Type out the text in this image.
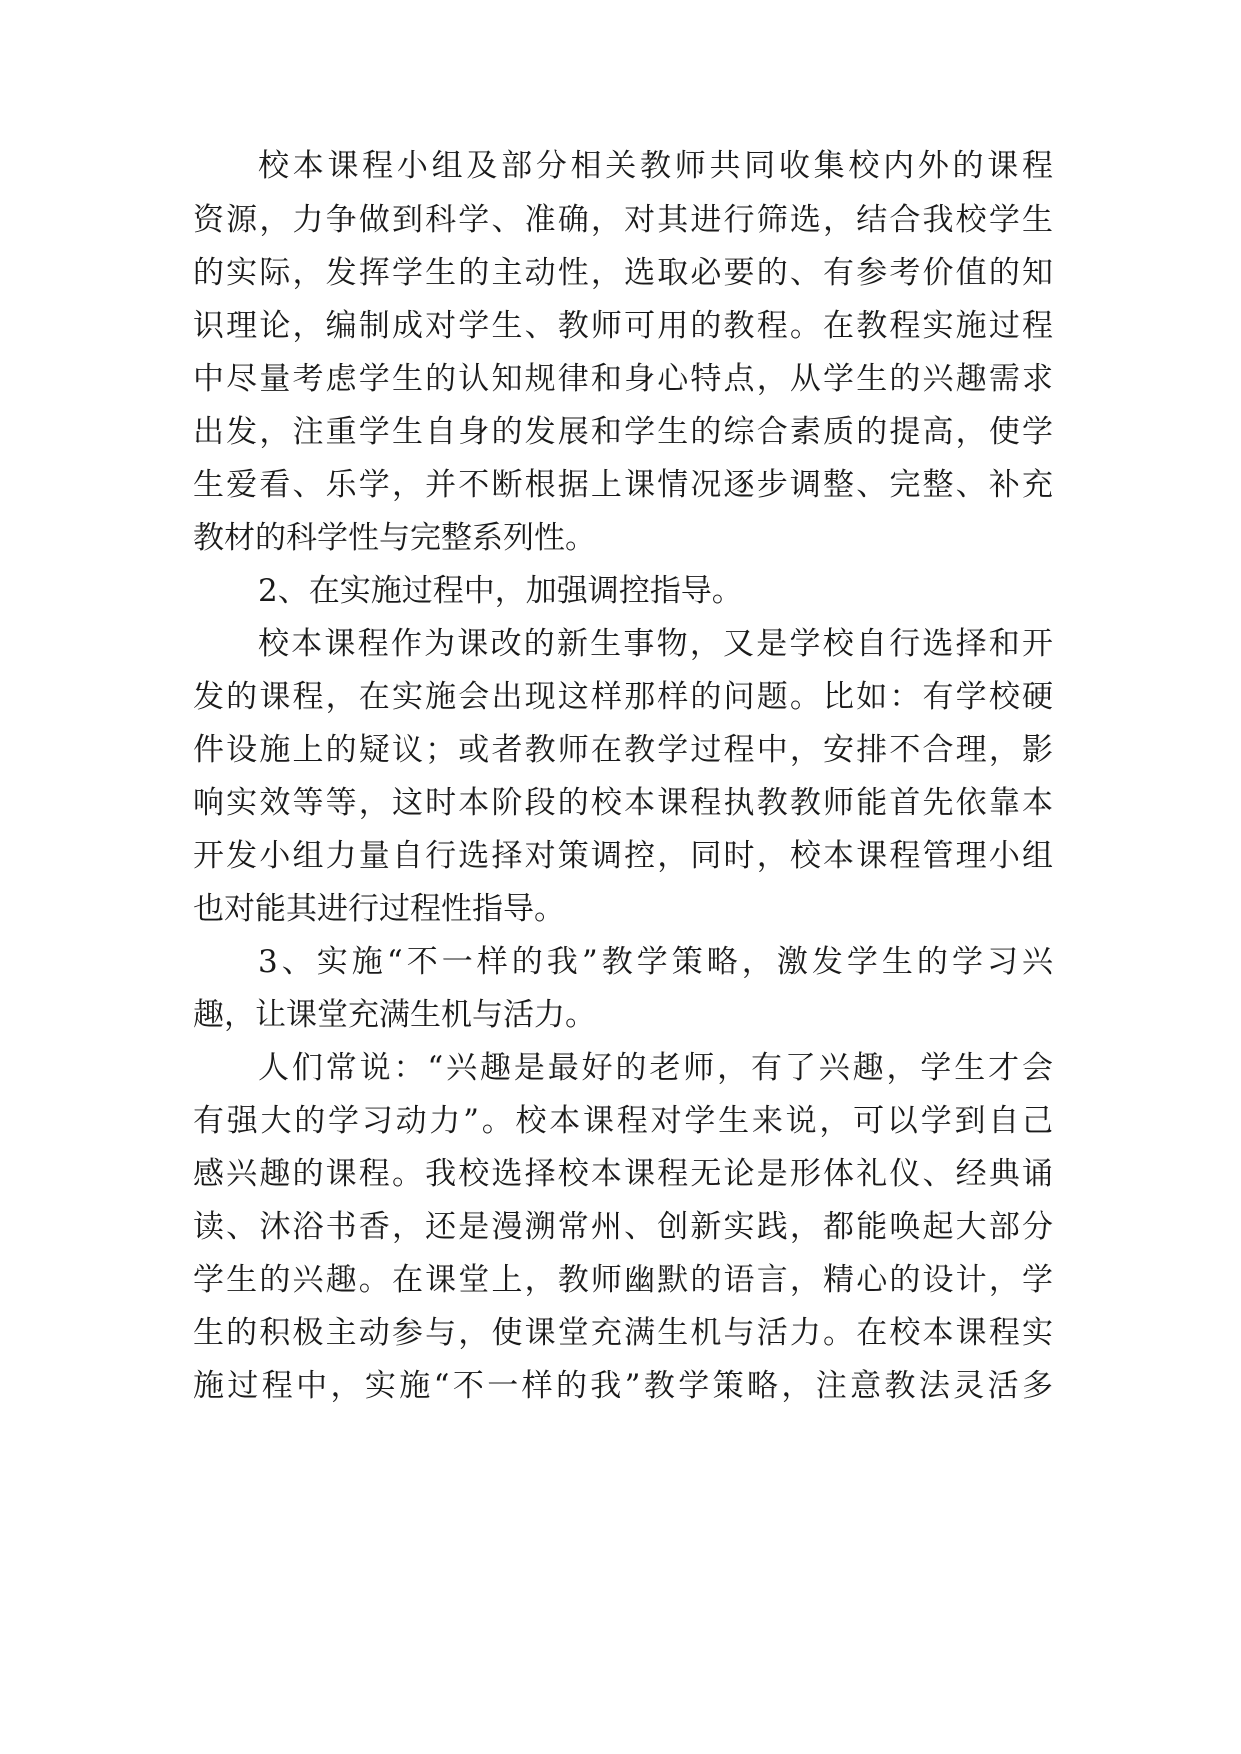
校本课程小组及部分相关教师共同收集校内外的课程
资源，力争做到科学、准确，对其进行筛选，结合我校学生
的实际，发挥学生的主动性，选取必要的、有参考价值的知
识理论，编制成对学生、教师可用的教程。在教程实施过程
中尽量考虑学生的认知规律和身心特点，从学生的兴趣需求
出发，注重学生自身的发展和学生的综合素质的提高，使学
生爱看、乐学，并不断根据上课情况逐步调整、完整、补充
教材的科学性与完整系列性。
2、在实施过程中，加强调控指导。
校本课程作为课改的新生事物，又是学校自行选择和开
发的课程，在实施会出现这样那样的问题。比如：有学校硬
件设施上的疑议；或者教师在教学过程中，安排不合理，影
响实效等等，这时本阶段的校本课程执教教师能首先依靠本
开发小组力量自行选择对策调控，同时，校本课程管理小组
也对能其进行过程性指导。
3、实施“不一样的我”教学策略，激发学生的学习兴
趣，让课堂充满生机与活力。
人们常说：“兴趣是最好的老师，有了兴趣，学生才会
有强大的学习动力”。校本课程对学生来说，可以学到自己
感兴趣的课程。我校选择校本课程无论是形体礼仪、经典诵
读、沐浴书香，还是漫溯常州、创新实践，都能唤起大部分
学生的兴趣。在课堂上，教师幽默的语言，精心的设计，学
生的积极主动参与，使课堂充满生机与活力。在校本课程实
施过程中，实施“不一样的我”教学策略，注意教法灵活多
